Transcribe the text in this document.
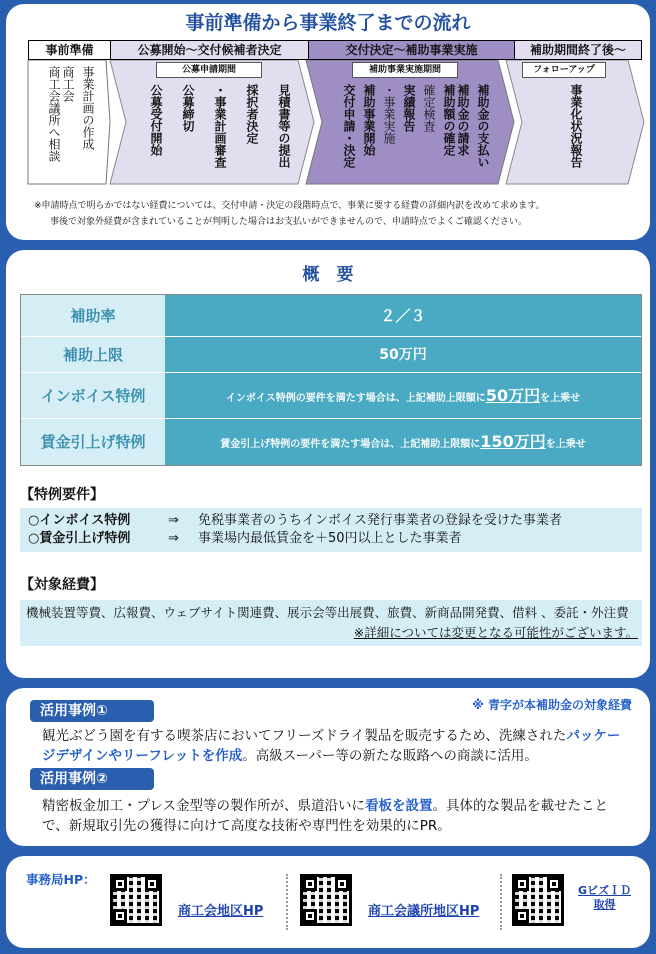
事前準備から事業終了までの流れ
事前準備	公募開始～交付候補者決定	交付決定～補助事業実施	補助期間終了後～
公募申請期間	補助事業実施期間	フォローアップ
事業計画の作成
商工会
商工会議所へ相談	見積書等の提出
採択者決定
・事業計画審査
公募締切
公募受付開始	補助金の支払い
補助金の請求
補助額の確定
確定検査
実績報告
・事業実施
補助事業開始
交付申請・決定	事業化状況報告
※申請時点で明らかではない経費については、交付申請・決定の段階時点で、事業に要する経費の詳細内訳を改めて求めます。
事後で対象外経費が含まれていることが判明した場合はお支払いができませんので、申請時点でよくご確認ください。
概　要
補助率	２／３
補助上限	50万円
インボイス特例	インボイス特例の要件を満たす場合は、上記補助上限額に50万円を上乗せ
賃金引上げ特例	賃金引上げ特例の要件を満たす場合は、上記補助上限額に150万円を上乗せ
【特例要件】
○インボイス特例	⇒	免税事業者のうちインボイス発行事業者の登録を受けた事業者
○賃金引上げ特例	⇒	事業場内最低賃金を＋50円以上とした事業者
【対象経費】
機械装置等費、広報費、ウェブサイト関連費、展示会等出展費、旅費、新商品開発費、借料 、委託・外注費
※詳細については変更となる可能性がございます。
※ 青字が本補助金の対象経費
活用事例①
観光ぶどう園を有する喫茶店においてフリーズドライ製品を販売するため、洗練されたパッケージデザインやリーフレットを作成。高級スーパー等の新たな販路への商談に活用。
活用事例②
精密板金加工・プレス金型等の製作所が、県道沿いに看板を設置。具体的な製品を載せたことで、新規取引先の獲得に向けて高度な技術や専門性を効果的にPR。
事務局HP：
商工会地区HP	商工会議所地区HP
GビズＩＤ
取得
